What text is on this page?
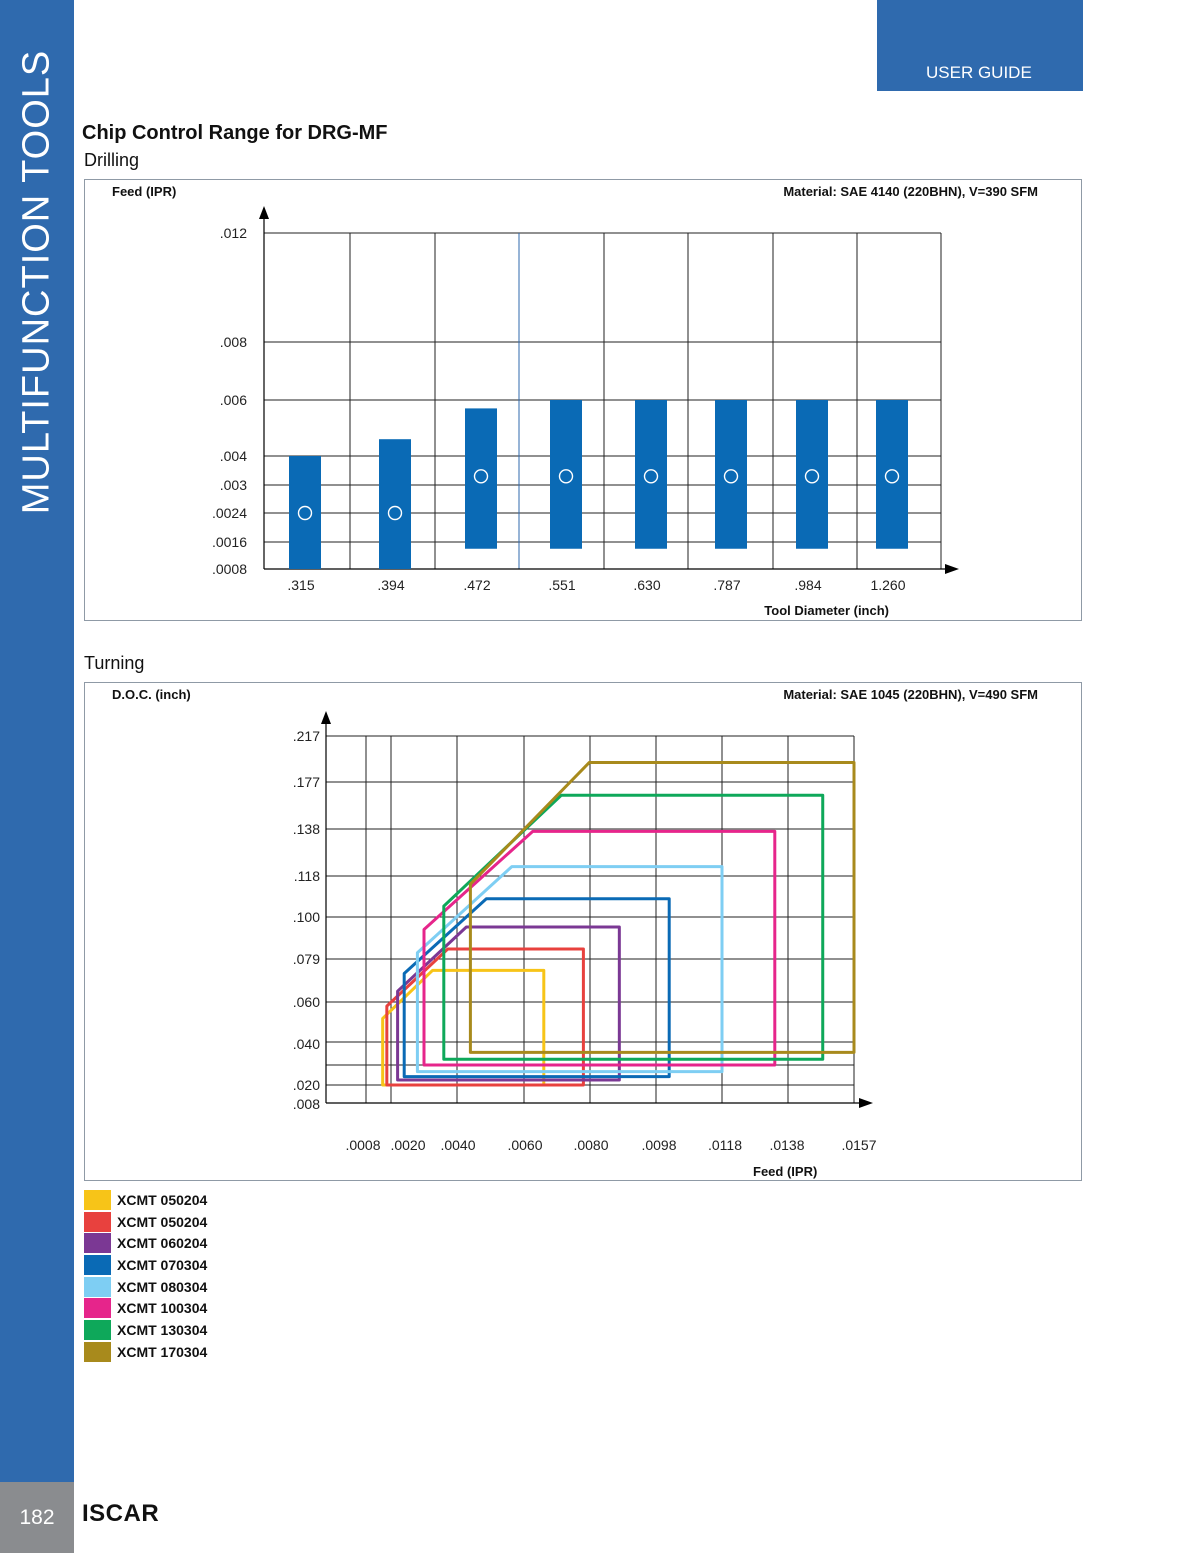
MULTIFUNCTION TOOLS
182	ISCAR
USER GUIDE
Chip Control Range for DRG-MF
Drilling
Turning
.012
.008
.006
.004
.003
.0024
.0016
.0008
.315	.394	.472	.551	.630	.787	.984	1.260
Feed (IPR)	Material: SAE 4140 (220BHN), V=390 SFM
Tool Diameter (inch)
.217
.177
.138
.118
.100
.079
.060
.040
.020
.008
.0008 .0020 .0040 .0060 .0080 .0098 .0118 .0138	.0157
D.O.C. (inch)	Material: SAE 1045 (220BHN), V=490 SFM
Feed (IPR)
XCMT 050204
XCMT 050204
XCMT 060204
XCMT 070304
XCMT 080304
XCMT 100304
XCMT 130304
XCMT 170304
